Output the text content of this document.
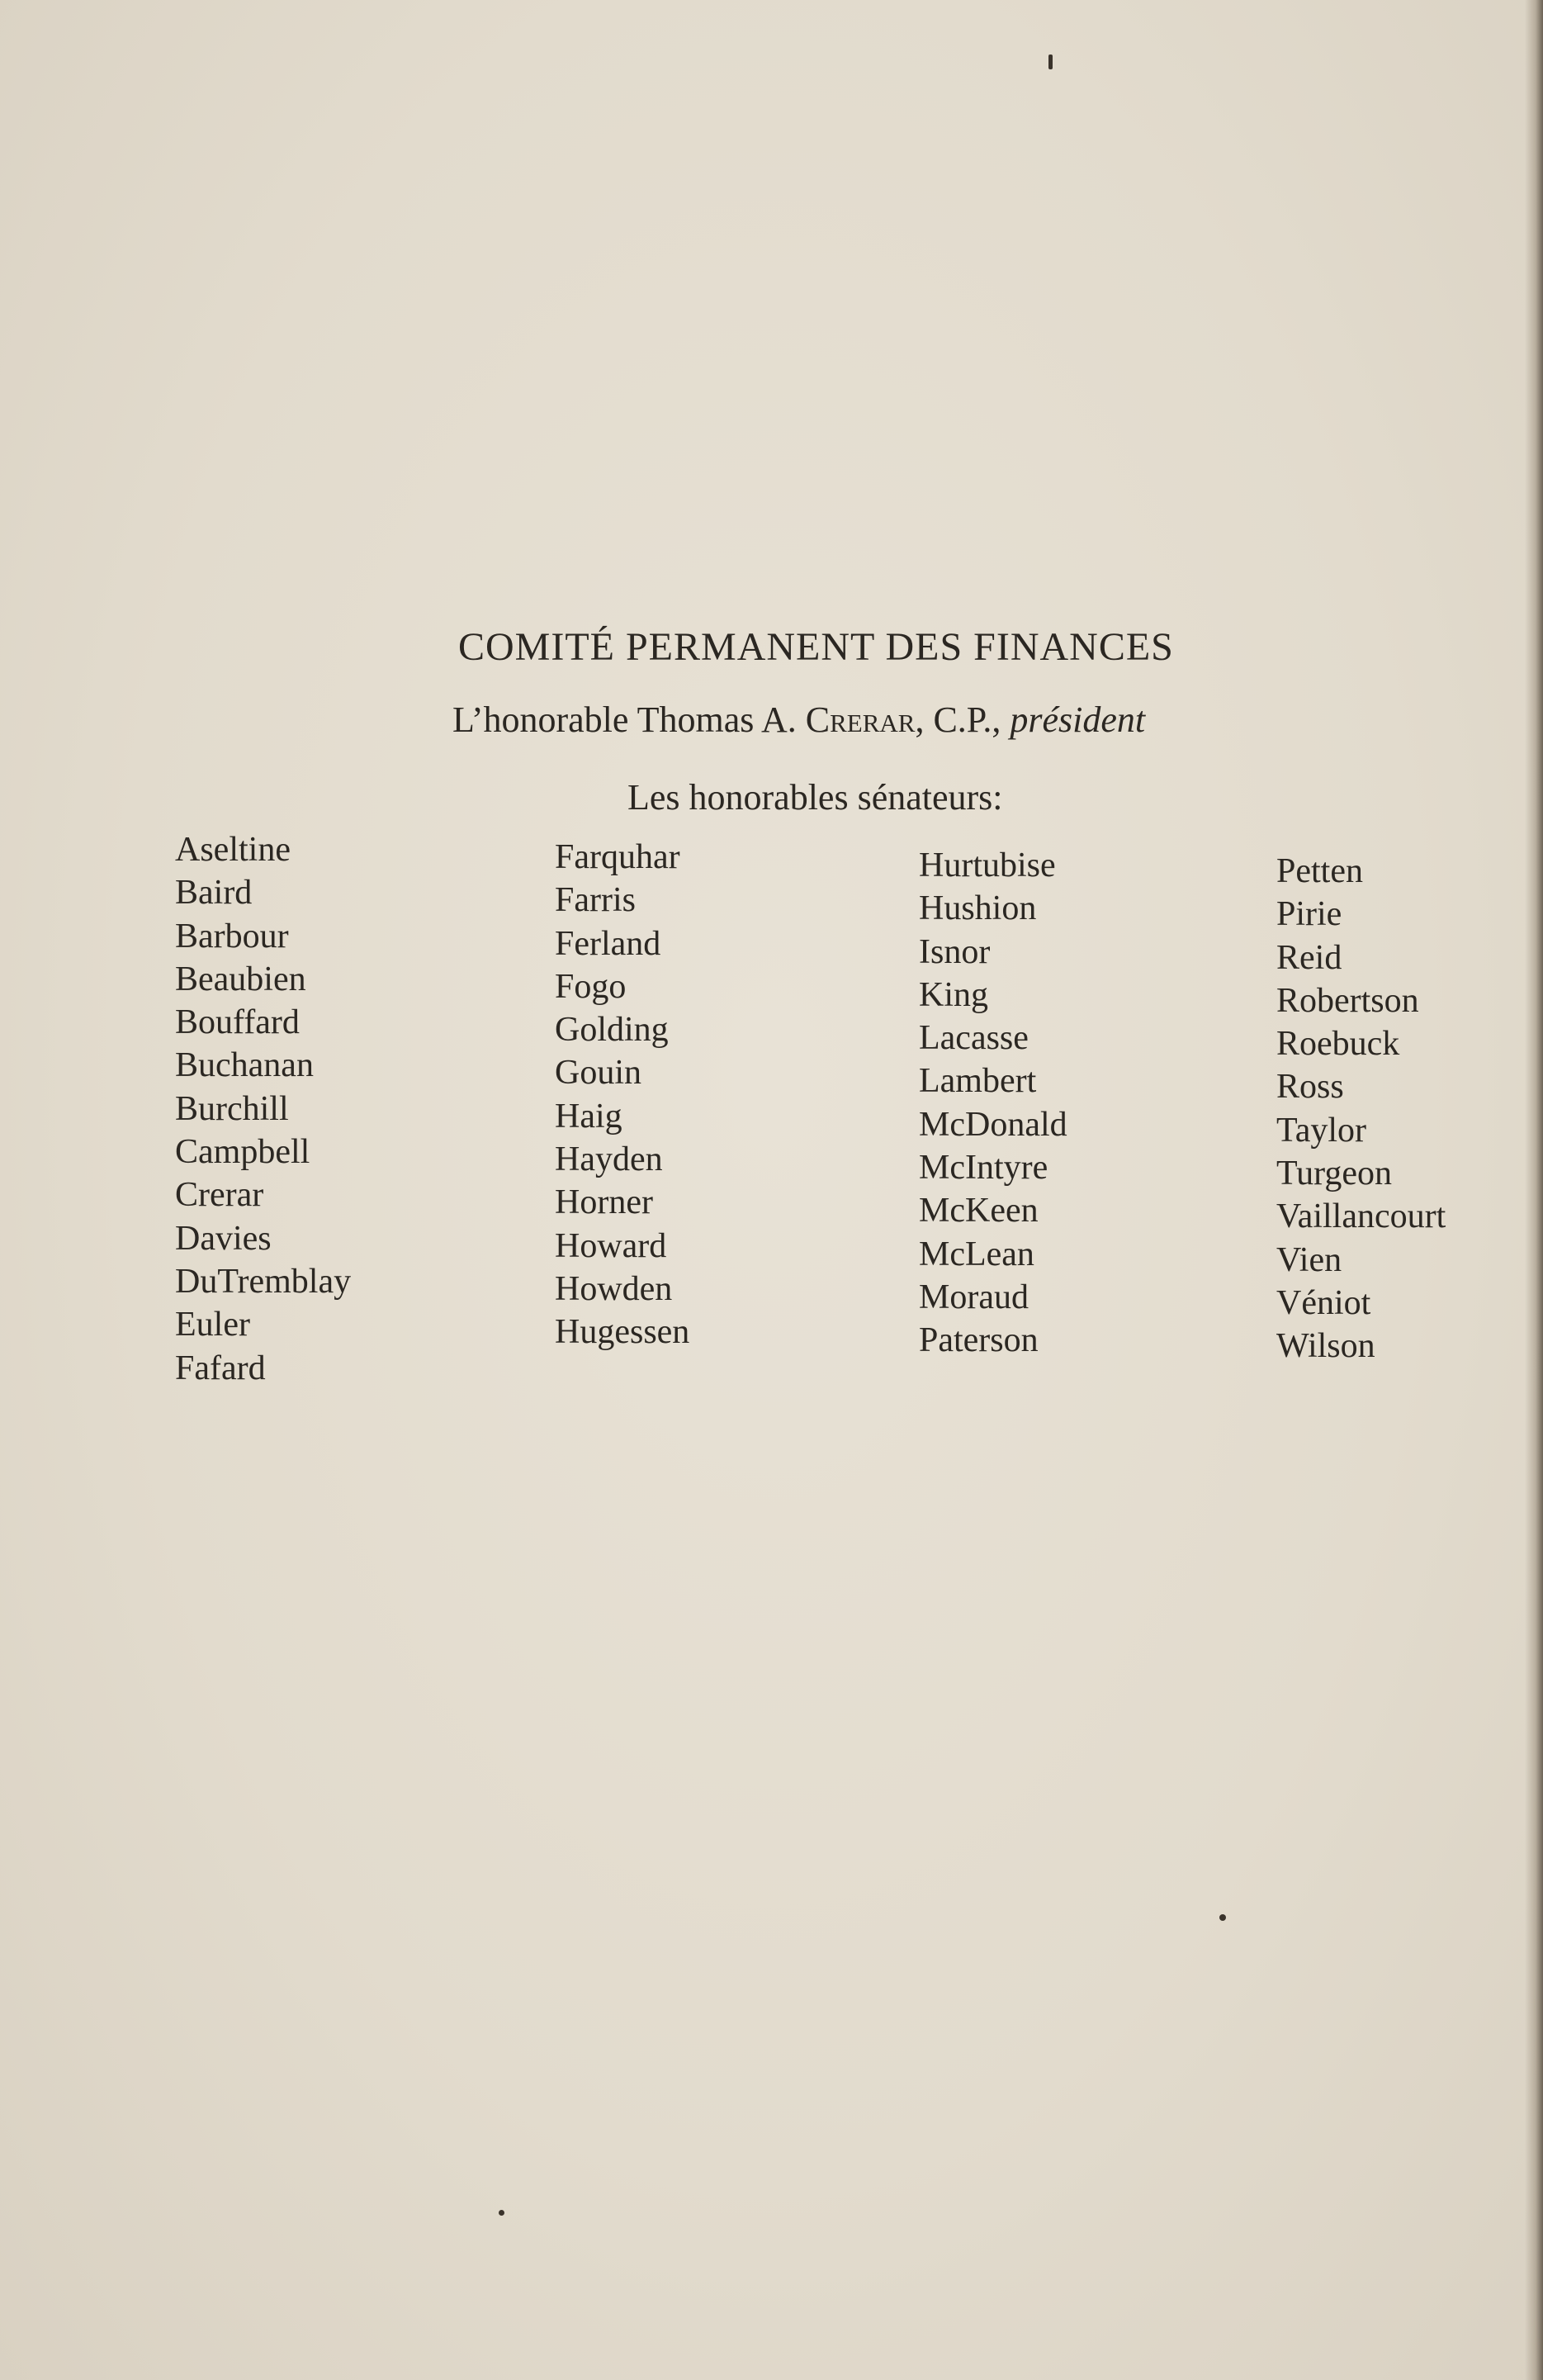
COMITÉ PERMANENT DES FINANCES
L’honorable Thomas A. Crerar, C.P., président
Les honorables sénateurs:
Aseltine
Baird
Barbour
Beaubien
Bouffard
Buchanan
Burchill
Campbell
Crerar
Davies
DuTremblay
Euler
Fafard
Farquhar
Farris
Ferland
Fogo
Golding
Gouin
Haig
Hayden
Horner
Howard
Howden
Hugessen
Hurtubise
Hushion
Isnor
King
Lacasse
Lambert
McDonald
McIntyre
McKeen
McLean
Moraud
Paterson
Petten
Pirie
Reid
Robertson
Roebuck
Ross
Taylor
Turgeon
Vaillancourt
Vien
Véniot
Wilson
